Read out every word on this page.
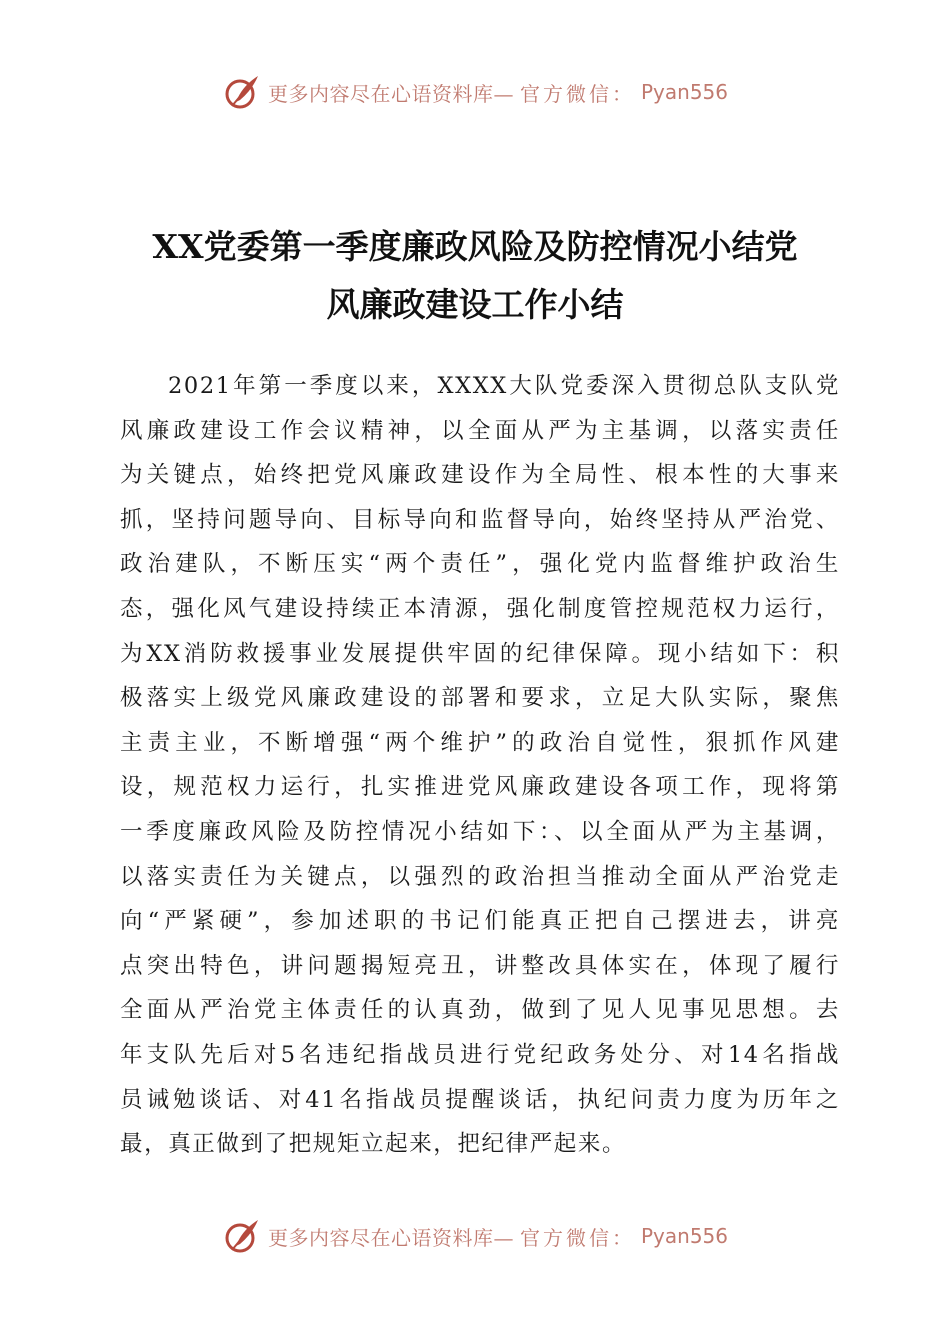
更多内容尽在心语资料库— 官方微信： Pyan556
XX党委第一季度廉政风险及防控情况小结党
风廉政建设工作小结
2021年第一季度以来，XXXX大队党委深入贯彻总队支队党
风廉政建设工作会议精神，以全面从严为主基调，以落实责任
为关键点，始终把党风廉政建设作为全局性、根本性的大事来
抓，坚持问题导向、目标导向和监督导向，始终坚持从严治党、
政治建队，不断压实“两个责任”，强化党内监督维护政治生
态，强化风气建设持续正本清源，强化制度管控规范权力运行，
为XX消防救援事业发展提供牢固的纪律保障。现小结如下：积
极落实上级党风廉政建设的部署和要求，立足大队实际，聚焦
主责主业，不断增强“两个维护”的政治自觉性，狠抓作风建
设，规范权力运行，扎实推进党风廉政建设各项工作，现将第
一季度廉政风险及防控情况小结如下：、以全面从严为主基调，
以落实责任为关键点，以强烈的政治担当推动全面从严治党走
向“严紧硬”，参加述职的书记们能真正把自己摆进去，讲亮
点突出特色，讲问题揭短亮丑，讲整改具体实在，体现了履行
全面从严治党主体责任的认真劲，做到了见人见事见思想。去
年支队先后对5名违纪指战员进行党纪政务处分、对14名指战
员诫勉谈话、对41名指战员提醒谈话，执纪问责力度为历年之
最，真正做到了把规矩立起来，把纪律严起来。
更多内容尽在心语资料库— 官方微信： Pyan556
